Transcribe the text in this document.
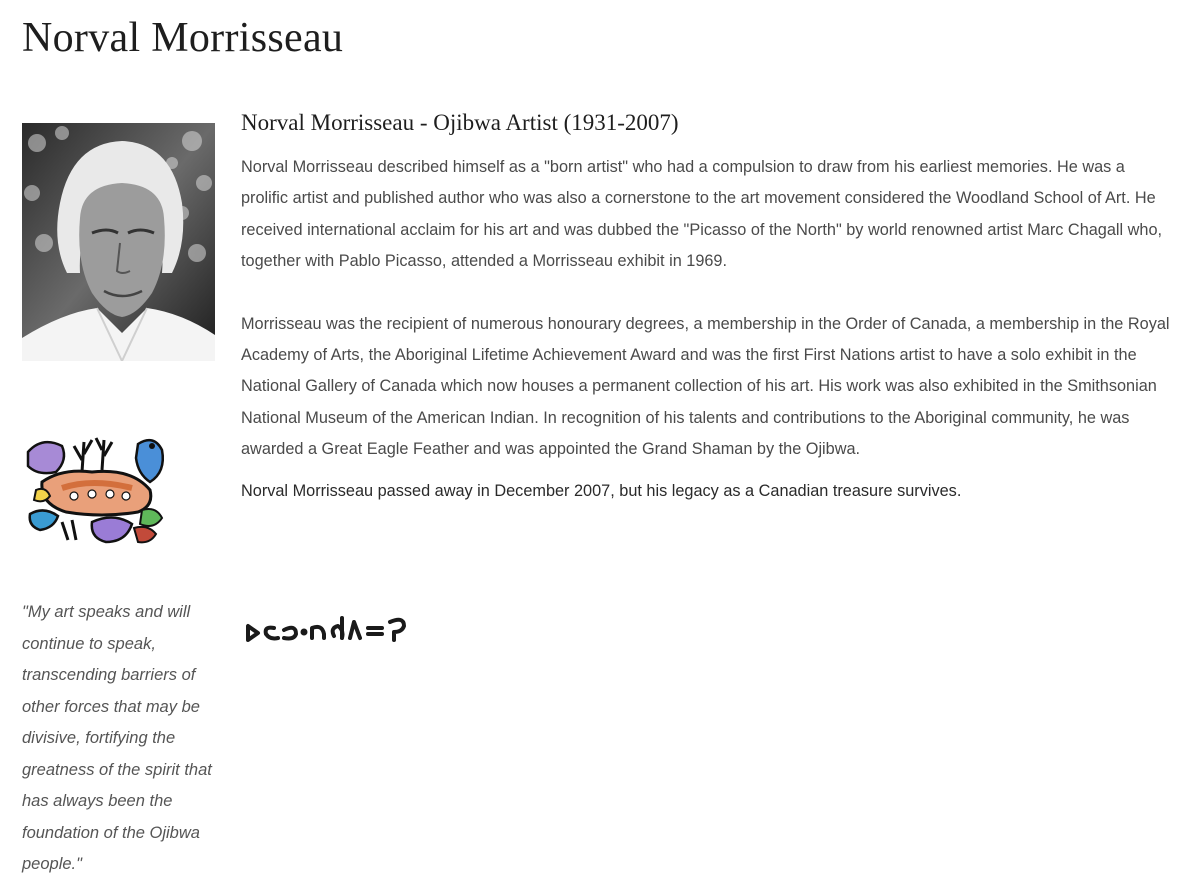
Norval Morrisseau

"My art speaks and will continue to speak, transcending barriers of other forces that may be divisive, fortifying the greatness of the spirit that has always been the foundation of the Ojibwa people."

Norval Morrisseau - Ojibwa Artist (1931-2007)

Norval Morrisseau described himself as a "born artist" who had a compulsion to draw from his earliest memories. He was a prolific artist and published author who was also a cornerstone to the art movement considered the Woodland School of Art. He received international acclaim for his art and was dubbed the "Picasso of the North" by world renowned artist Marc Chagall who, together with Pablo Picasso, attended a Morrisseau exhibit in 1969.

Morrisseau was the recipient of numerous honourary degrees, a membership in the Order of Canada, a membership in the Royal Academy of Arts, the Aboriginal Lifetime Achievement Award and was the first First Nations artist to have a solo exhibit in the National Gallery of Canada which now houses a permanent collection of his art. His work was also exhibited in the Smithsonian National Museum of the American Indian. In recognition of his talents and contributions to the Aboriginal community, he was awarded a Great Eagle Feather and was appointed the Grand Shaman by the Ojibwa.

Norval Morrisseau passed away in December 2007, but his legacy as a Canadian treasure survives.
